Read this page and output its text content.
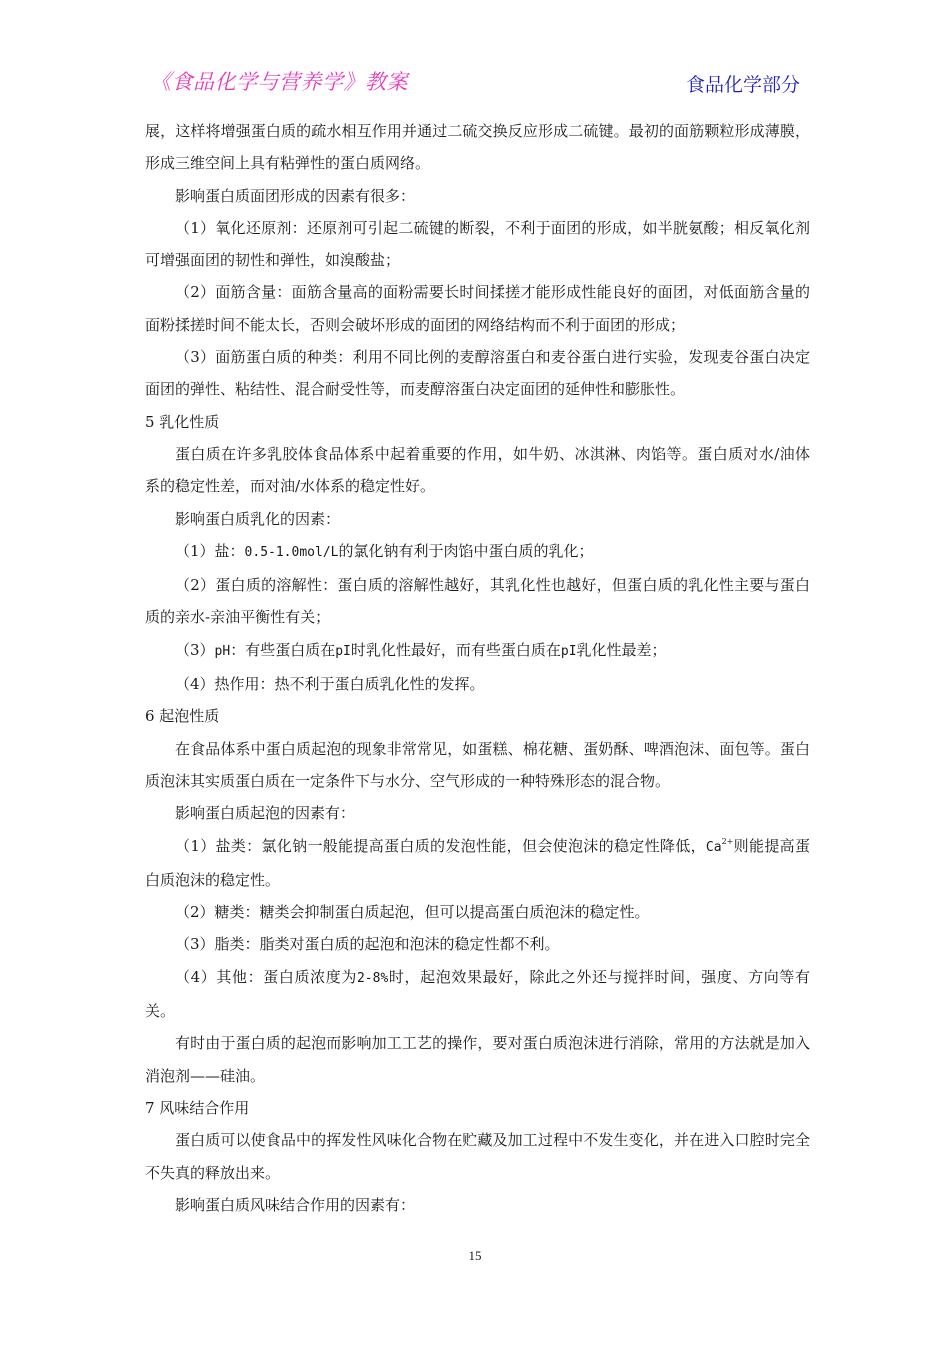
《食品化学与营养学》教案	食品化学部分

展，这样将增强蛋白质的疏水相互作用并通过二硫交换反应形成二硫键。最初的面筋颗粒形成薄膜，形成三维空间上具有粘弹性的蛋白质网络。

影响蛋白质面团形成的因素有很多：

（1）氧化还原剂：还原剂可引起二硫键的断裂，不利于面团的形成，如半胱氨酸；相反氧化剂可增强面团的韧性和弹性，如溴酸盐；

（2）面筋含量：面筋含量高的面粉需要长时间揉搓才能形成性能良好的面团，对低面筋含量的面粉揉搓时间不能太长，否则会破坏形成的面团的网络结构而不利于面团的形成；

（3）面筋蛋白质的种类：利用不同比例的麦醇溶蛋白和麦谷蛋白进行实验，发现麦谷蛋白决定面团的弹性、粘结性、混合耐受性等，而麦醇溶蛋白决定面团的延伸性和膨胀性。

5 乳化性质

蛋白质在许多乳胶体食品体系中起着重要的作用，如牛奶、冰淇淋、肉馅等。蛋白质对水/油体系的稳定性差，而对油/水体系的稳定性好。

影响蛋白质乳化的因素：

（1）盐：0.5-1.0mol/L的氯化钠有利于肉馅中蛋白质的乳化；

（2）蛋白质的溶解性：蛋白质的溶解性越好，其乳化性也越好，但蛋白质的乳化性主要与蛋白质的亲水-亲油平衡性有关；

（3）pH：有些蛋白质在pI时乳化性最好，而有些蛋白质在pI乳化性最差；

（4）热作用：热不利于蛋白质乳化性的发挥。

6 起泡性质

在食品体系中蛋白质起泡的现象非常常见，如蛋糕、棉花糖、蛋奶酥、啤酒泡沫、面包等。蛋白质泡沫其实质蛋白质在一定条件下与水分、空气形成的一种特殊形态的混合物。

影响蛋白质起泡的因素有：

（1）盐类：氯化钠一般能提高蛋白质的发泡性能，但会使泡沫的稳定性降低，$Ca^{2+}$则能提高蛋白质泡沫的稳定性。

（2）糖类：糖类会抑制蛋白质起泡，但可以提高蛋白质泡沫的稳定性。

（3）脂类：脂类对蛋白质的起泡和泡沫的稳定性都不利。

（4）其他：蛋白质浓度为2-8%时，起泡效果最好，除此之外还与搅拌时间，强度、方向等有关。

有时由于蛋白质的起泡而影响加工工艺的操作，要对蛋白质泡沫进行消除，常用的方法就是加入消泡剂——硅油。

7 风味结合作用

蛋白质可以使食品中的挥发性风味化合物在贮藏及加工过程中不发生变化，并在进入口腔时完全不失真的释放出来。

影响蛋白质风味结合作用的因素有：

15
